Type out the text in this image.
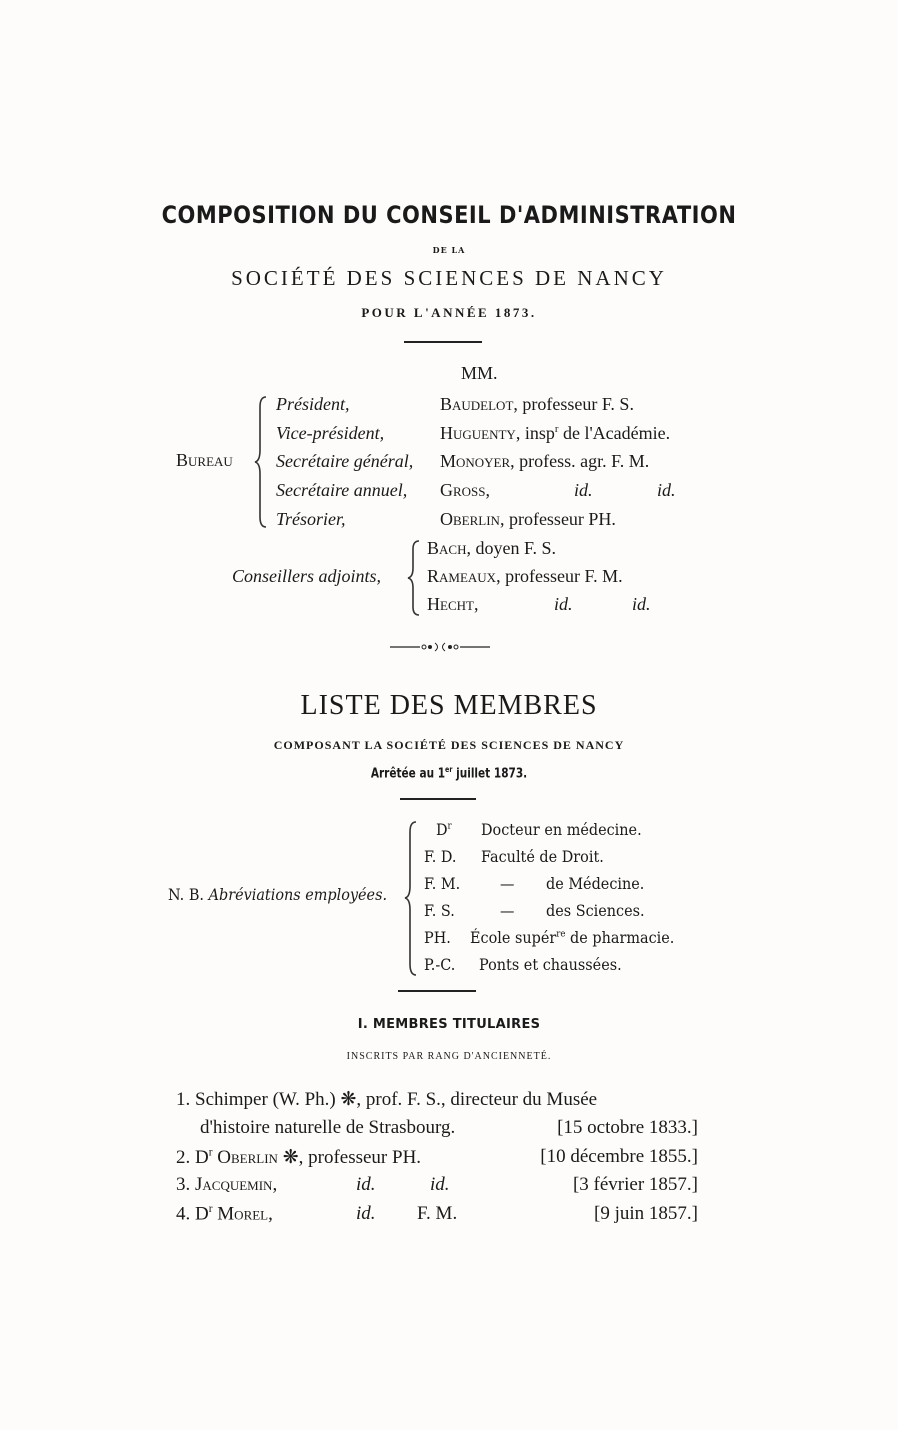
COMPOSITION DU CONSEIL D'ADMINISTRATION
DE LA
SOCIÉTÉ DES SCIENCES DE NANCY
POUR L'ANNÉE 1873.
MM.
Bureau
Président,	Baudelot, professeur F. S.
Vice-président,	Huguenty, insp$^r$ de l'Académie.
Secrétaire général, Monoyer, profess. agr. F. M.
Secrétaire annuel, Gross,	id.	id.
Trésorier,	Oberlin, professeur PH.
Conseillers adjoints,
Bach, doyen F. S.
Rameaux, professeur F. M.
Hecht,	id.	id.
LISTE DES MEMBRES
COMPOSANT LA SOCIÉTÉ DES SCIENCES DE NANCY
Arrêtée au 1er juillet 1873.
N. B. Abréviations employées.
$D^r$ Docteur en médecine.
F. D. Faculté de Droit.
F. M. — de Médecine.
F. S.	— des Sciences.
PH. École supér$^{re}$ de pharmacie.
P.-C. Ponts et chaussées.
I. MEMBRES TITULAIRES
INSCRITS PAR RANG D'ANCIENNETÉ.
1. Schimper (W. Ph.) ❋, prof. F. S., directeur du Musée
d'histoire naturelle de Strasbourg.	[15 octobre 1833.]
2. $D^r$ Oberlin ❋, professeur PH.	[10 décembre 1855.]
3. Jacquemin,	id.	id.	[3 février 1857.]
4. $D^r$ Morel,	id. F. M.	[9 juin 1857.]
